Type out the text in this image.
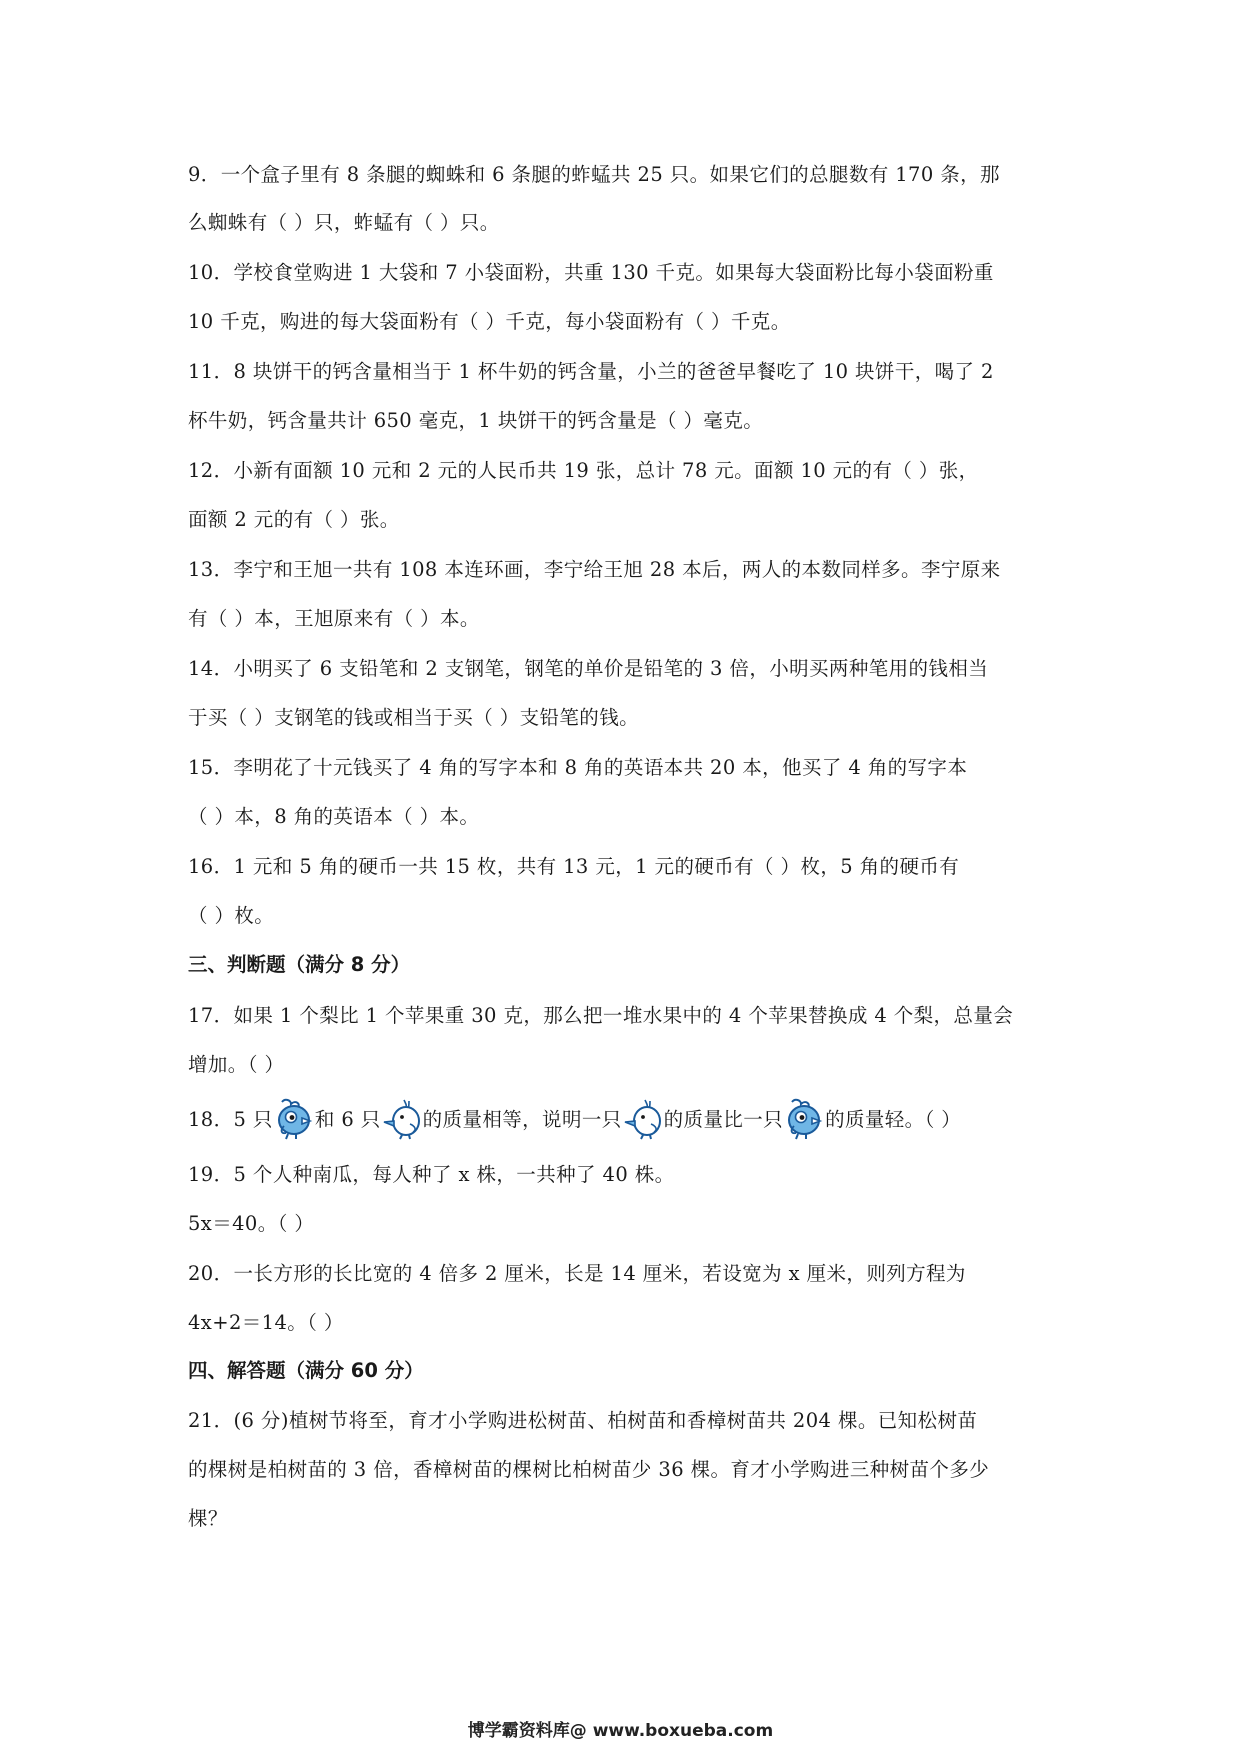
9．一个盒子里有 8 条腿的蜘蛛和 6 条腿的蚱蜢共 25 只。如果它们的总腿数有 170 条，那
么蜘蛛有（ ）只，蚱蜢有（ ）只。
10．学校食堂购进 1 大袋和 7 小袋面粉，共重 130 千克。如果每大袋面粉比每小袋面粉重
10 千克，购进的每大袋面粉有（ ）千克，每小袋面粉有（ ）千克。
11．8 块饼干的钙含量相当于 1 杯牛奶的钙含量，小兰的爸爸早餐吃了 10 块饼干，喝了 2
杯牛奶，钙含量共计 650 毫克，1 块饼干的钙含量是（ ）毫克。
12．小新有面额 10 元和 2 元的人民币共 19 张，总计 78 元。面额 10 元的有（ ）张，
面额 2 元的有（ ）张。
13．李宁和王旭一共有 108 本连环画，李宁给王旭 28 本后，两人的本数同样多。李宁原来
有（ ）本，王旭原来有（ ）本。
14．小明买了 6 支铅笔和 2 支钢笔，钢笔的单价是铅笔的 3 倍，小明买两种笔用的钱相当
于买（ ）支钢笔的钱或相当于买（ ）支铅笔的钱。
15．李明花了十元钱买了 4 角的写字本和 8 角的英语本共 20 本，他买了 4 角的写字本
（ ）本，8 角的英语本（ ）本。
16．1 元和 5 角的硬币一共 15 枚，共有 13 元，1 元的硬币有（ ）枚，5 角的硬币有
（ ）枚。
三、判断题（满分 8 分）
17．如果 1 个梨比 1 个苹果重 30 克，那么把一堆水果中的 4 个苹果替换成 4 个梨，总量会
增加。（ ）
18．5 只 和 6 只 的质量相等，说明一只 的质量比一只 的质量轻。（ ）
19．5 个人种南瓜，每人种了 x 株，一共种了 40 株。
5x＝40。（ ）
20．一长方形的长比宽的 4 倍多 2 厘米，长是 14 厘米，若设宽为 x 厘米，则列方程为
4x+2＝14。（ ）
四、解答题（满分 60 分）
21．(6 分)植树节将至，育才小学购进松树苗、柏树苗和香樟树苗共 204 棵。已知松树苗
的棵树是柏树苗的 3 倍，香樟树苗的棵树比柏树苗少 36 棵。育才小学购进三种树苗个多少
棵？
博学霸资料库@ www.boxueba.com
